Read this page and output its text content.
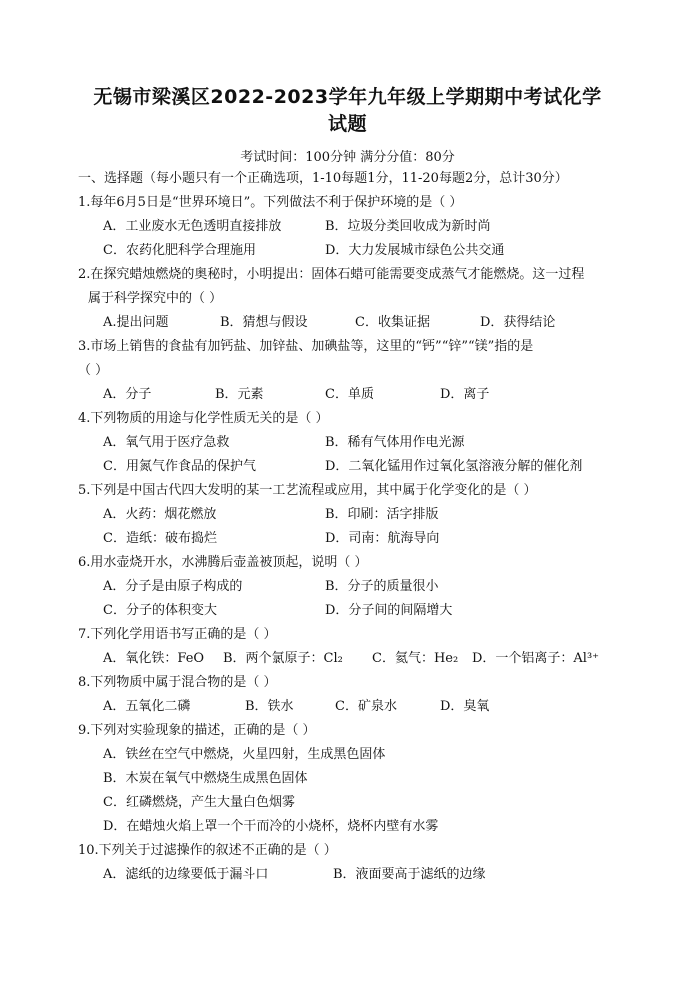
无锡市梁溪区2022-2023学年九年级上学期期中考试化学
试题
考试时间：100分钟 满分分值：80分
一、选择题（每小题只有一个正确选项，1-10每题1分，11-20每题2分，总计30分）
1.每年6月5日是“世界环境日”。下列做法不利于保护环境的是（ ）
A．工业废水无色透明直接排放	B．垃圾分类回收成为新时尚
C．农药化肥科学合理施用	D．大力发展城市绿色公共交通
2.在探究蜡烛燃烧的奥秘时，小明提出：固体石蜡可能需要变成蒸气才能燃烧。这一过程
属于科学探究中的（ ）
A.提出问题	B．猜想与假设	C．收集证据	D．获得结论
3.市场上销售的食盐有加钙盐、加锌盐、加碘盐等，这里的“钙”“锌”“镁”指的是
（ ）
A．分子	B．元素	C．单质	D．离子
4.下列物质的用途与化学性质无关的是（ ）
A．氧气用于医疗急救	B．稀有气体用作电光源
C．用氮气作食品的保护气	D．二氧化锰用作过氧化氢溶液分解的催化剂
5.下列是中国古代四大发明的某一工艺流程或应用，其中属于化学变化的是（ ）
A．火药：烟花燃放	B．印刷：活字排版
C．造纸：破布捣烂	D．司南：航海导向
6.用水壶烧开水，水沸腾后壶盖被顶起，说明（ ）
A．分子是由原子构成的	B．分子的质量很小
C．分子的体积变大	D．分子间的间隔增大
7.下列化学用语书写正确的是（ ）
A．氧化铁：FeO B．两个氯原子：Cl₂ C．氦气：He₂ D．一个铝离子：Al³⁺
8.下列物质中属于混合物的是（ ）
A．五氧化二磷	B．铁水	C．矿泉水	D．臭氧
9.下列对实验现象的描述，正确的是（ ）
A．铁丝在空气中燃烧，火星四射，生成黑色固体
B．木炭在氧气中燃烧生成黑色固体
C．红磷燃烧，产生大量白色烟雾
D．在蜡烛火焰上罩一个干而冷的小烧杯，烧杯内壁有水雾
10.下列关于过滤操作的叙述不正确的是（ ）
A．滤纸的边缘要低于漏斗口	B．液面要高于滤纸的边缘
